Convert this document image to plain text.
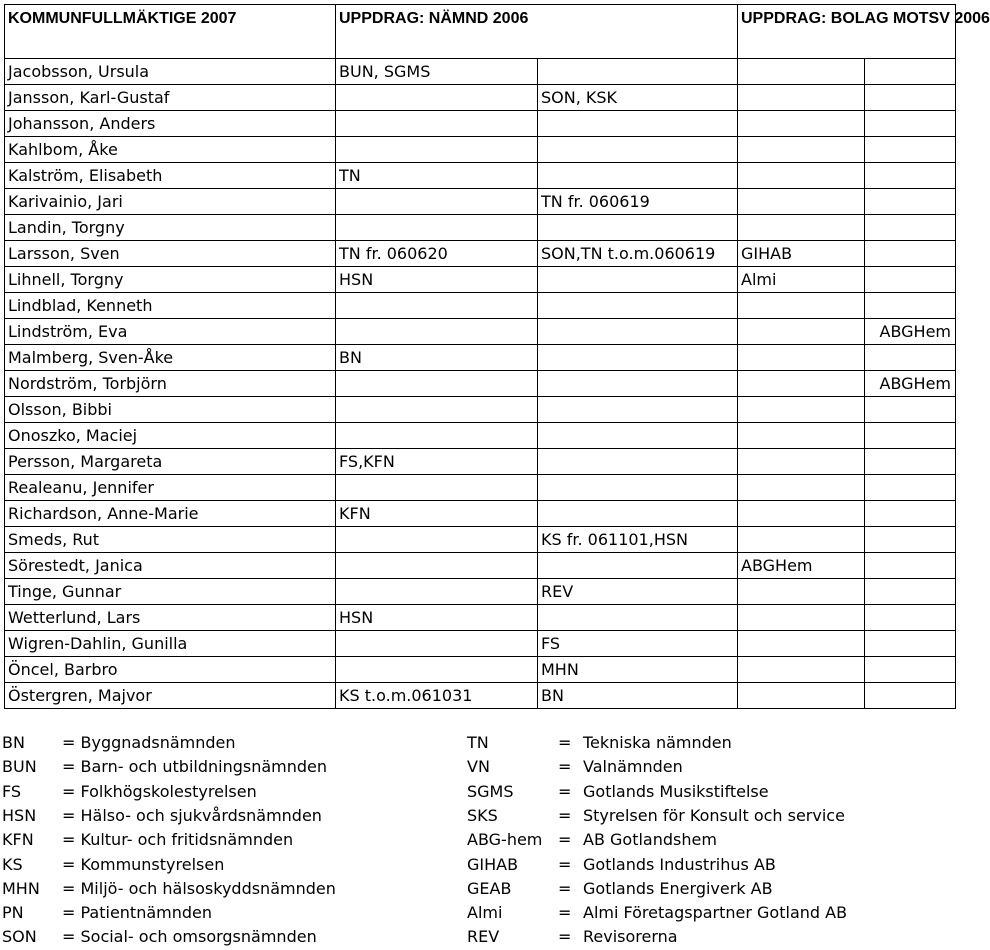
KOMMUNFULLMÄKTIGE 2007	UPPDRAG: NÄMND 2006		UPPDRAG: BOLAG MOTSV 2006	
Jacobsson, Ursula	BUN, SGMS			
Jansson, Karl-Gustaf		SON, KSK		
Johansson, Anders				
Kahlbom, Åke				
Kalström, Elisabeth	TN			
Karivainio, Jari		TN fr. 060619		
Landin, Torgny				
Larsson, Sven	TN fr. 060620	SON,TN t.o.m.060619	GIHAB	
Lihnell, Torgny	HSN		Almi	
Lindblad, Kenneth				
Lindström, Eva				ABGHem
Malmberg, Sven-Åke	BN			
Nordström, Torbjörn				ABGHem
Olsson, Bibbi				
Onoszko, Maciej				
Persson, Margareta	FS,KFN			
Realeanu, Jennifer				
Richardson, Anne-Marie	KFN			
Smeds, Rut		KS fr. 061101,HSN		
Sörestedt, Janica			ABGHem	
Tinge, Gunnar		REV		
Wetterlund, Lars	HSN			
Wigren-Dahlin, Gunilla		FS		
Öncel, Barbro		MHN		
Östergren, Majvor	KS t.o.m.061031	BN		
BN = Byggnadsnämnden
BUN = Barn- och utbildningsnämnden
FS	= Folkhögskolestyrelsen
HSN = Hälso- och sjukvårdsnämnden
KFN = Kultur- och fritidsnämnden
KS = Kommunstyrelsen
MHN = Miljö- och hälsoskyddsnämnden
PN = Patientnämnden
SON = Social- och omsorgsnämnden
TN	= Tekniska nämnden
VN	= Valnämnden
SGMS	= Gotlands Musikstiftelse
SKS	= Styrelsen för Konsult och service
ABG-hem = AB Gotlandshem
GIHAB = Gotlands Industrihus AB
GEAB	= Gotlands Energiverk AB
Almi	= Almi Företagspartner Gotland AB
REV	= Revisorerna
